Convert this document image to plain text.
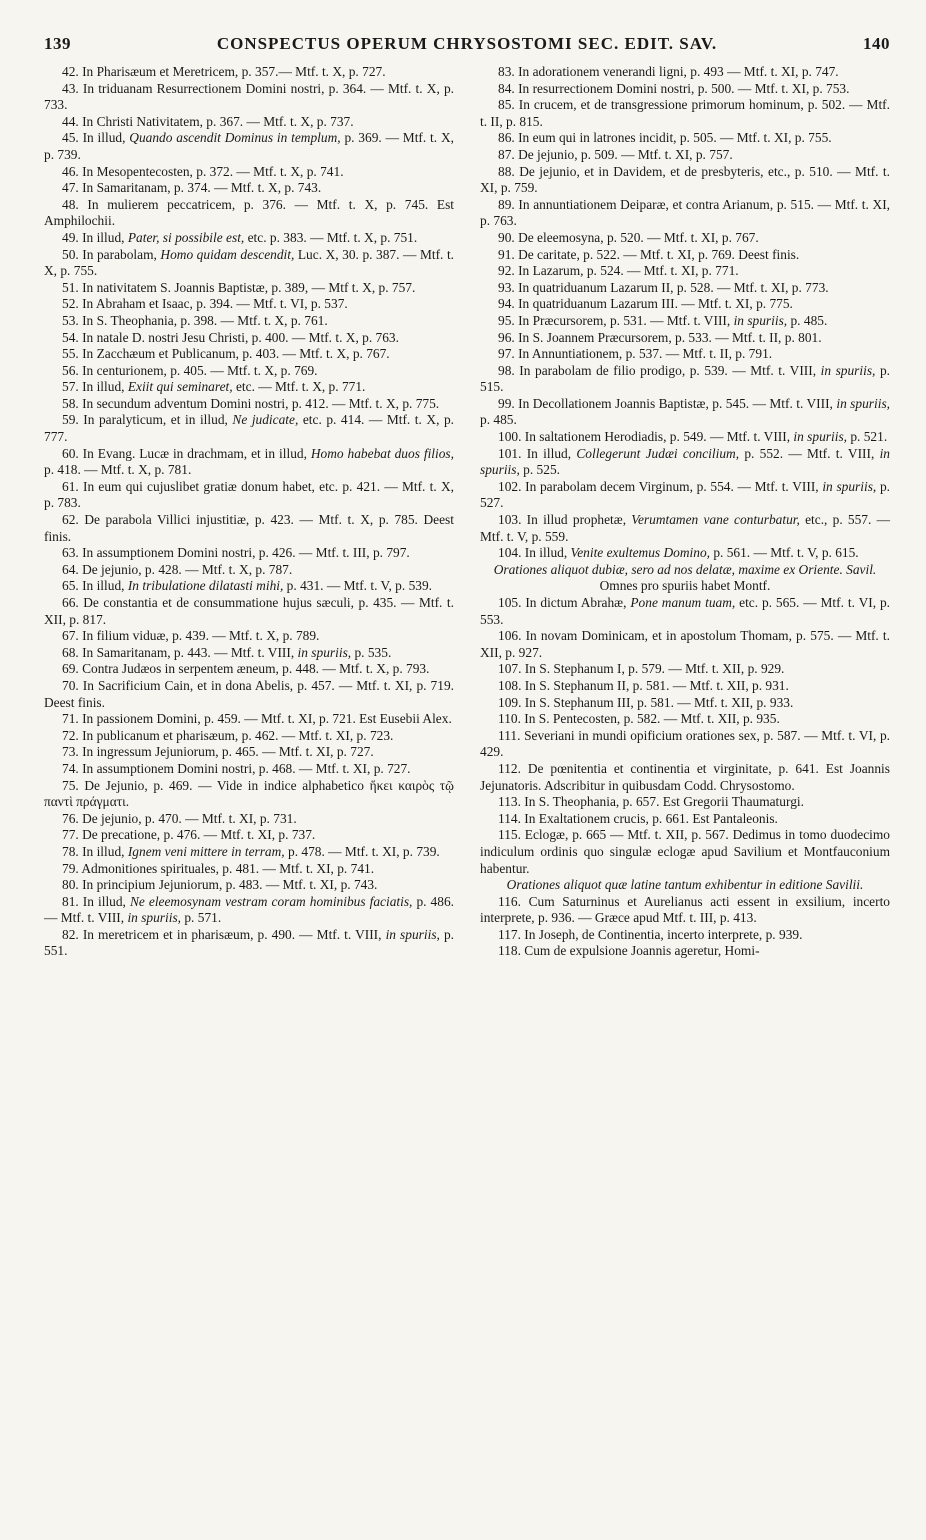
139	CONSPECTUS OPERUM CHRYSOSTOMI SEC. EDIT. SAV.	140

42. In Pharisæum et Meretricem, p. 357.— Mtf. t. X, p. 727.

43. In triduanam Resurrectionem Domini nostri, p. 364. — Mtf. t. X, p. 733.

44. In Christi Nativitatem, p. 367. — Mtf. t. X, p. 737.

45. In illud, Quando ascendit Dominus in templum, p. 369. — Mtf. t. X, p. 739.

46. In Mesopentecosten, p. 372. — Mtf. t. X, p. 741.

47. In Samaritanam, p. 374. — Mtf. t. X, p. 743.

48. In mulierem peccatricem, p. 376. — Mtf. t. X, p. 745. Est Amphilochii.

49. In illud, Pater, si possibile est, etc. p. 383. — Mtf. t. X, p. 751.

50. In parabolam, Homo quidam descendit, Luc. X, 30. p. 387. — Mtf. t. X, p. 755.

51. In nativitatem S. Joannis Baptistæ, p. 389, — Mtf t. X, p. 757.

52. In Abraham et Isaac, p. 394. — Mtf. t. VI, p. 537.

53. In S. Theophania, p. 398. — Mtf. t. X, p. 761.

54. In natale D. nostri Jesu Christi, p. 400. — Mtf. t. X, p. 763.

55. In Zacchæum et Publicanum, p. 403. — Mtf. t. X, p. 767.

56. In centurionem, p. 405. — Mtf. t. X, p. 769.

57. In illud, Exiit qui seminaret, etc. — Mtf. t. X, p. 771.

58. In secundum adventum Domini nostri, p. 412. — Mtf. t. X, p. 775.

59. In paralyticum, et in illud, Ne judicate, etc. p. 414. — Mtf. t. X, p. 777.

60. In Evang. Lucæ in drachmam, et in illud, Homo habebat duos filios, p. 418. — Mtf. t. X, p. 781.

61. In eum qui cujuslibet gratiæ donum habet, etc. p. 421. — Mtf. t. X, p. 783.

62. De parabola Villici injustitiæ, p. 423. — Mtf. t. X, p. 785. Deest finis.

63. In assumptionem Domini nostri, p. 426. — Mtf. t. III, p. 797.

64. De jejunio, p. 428. — Mtf. t. X, p. 787.

65. In illud, In tribulatione dilatasti mihi, p. 431. — Mtf. t. V, p. 539.

66. De constantia et de consummatione hujus sæculi, p. 435. — Mtf. t. XII, p. 817.

67. In filium viduæ, p. 439. — Mtf. t. X, p. 789.

68. In Samaritanam, p. 443. — Mtf. t. VIII, in spuriis, p. 535.

69. Contra Judæos in serpentem æneum, p. 448. — Mtf. t. X, p. 793.

70. In Sacrificium Cain, et in dona Abelis, p. 457. — Mtf. t. XI, p. 719. Deest finis.

71. In passionem Domini, p. 459. — Mtf. t. XI, p. 721. Est Eusebii Alex.

72. In publicanum et pharisæum, p. 462. — Mtf. t. XI, p. 723.

73. In ingressum Jejuniorum, p. 465. — Mtf. t. XI, p. 727.

74. In assumptionem Domini nostri, p. 468. — Mtf. t. XI, p. 727.

75. De Jejunio, p. 469. — Vide in indice alphabetico ἥκει καιρὸς τῷ παντὶ πράγματι.

76. De jejunio, p. 470. — Mtf. t. XI, p. 731.

77. De precatione, p. 476. — Mtf. t. XI, p. 737.

78. In illud, Ignem veni mittere in terram, p. 478. — Mtf. t. XI, p. 739.

79. Admonitiones spirituales, p. 481. — Mtf. t. XI, p. 741.

80. In principium Jejuniorum, p. 483. — Mtf. t. XI, p. 743.

81. In illud, Ne eleemosynam vestram coram hominibus faciatis, p. 486. — Mtf. t. VIII, in spuriis, p. 571.

82. In meretricem et in pharisæum, p. 490. — Mtf. t. VIII, in spuriis, p. 551.

83. In adorationem venerandi ligni, p. 493 — Mtf. t. XI, p. 747.

84. In resurrectionem Domini nostri, p. 500. — Mtf. t. XI, p. 753.

85. In crucem, et de transgressione primorum hominum, p. 502. — Mtf. t. II, p. 815.

86. In eum qui in latrones incidit, p. 505. — Mtf. t. XI, p. 755.

87. De jejunio, p. 509. — Mtf. t. XI, p. 757.

88. De jejunio, et in Davidem, et de presbyteris, etc., p. 510. — Mtf. t. XI, p. 759.

89. In annuntiationem Deiparæ, et contra Arianum, p. 515. — Mtf. t. XI, p. 763.

90. De eleemosyna, p. 520. — Mtf. t. XI, p. 767.

91. De caritate, p. 522. — Mtf. t. XI, p. 769. Deest finis.

92. In Lazarum, p. 524. — Mtf. t. XI, p. 771.

93. In quatriduanum Lazarum II, p. 528. — Mtf. t. XI, p. 773.

94. In quatriduanum Lazarum III. — Mtf. t. XI, p. 775.

95. In Præcursorem, p. 531. — Mtf. t. VIII, in spuriis, p. 485.

96. In S. Joannem Præcursorem, p. 533. — Mtf. t. II, p. 801.

97. In Annuntiationem, p. 537. — Mtf. t. II, p. 791.

98. In parabolam de filio prodigo, p. 539. — Mtf. t. VIII, in spuriis, p. 515.

99. In Decollationem Joannis Baptistæ, p. 545. — Mtf. t. VIII, in spuriis, p. 485.

100. In saltationem Herodiadis, p. 549. — Mtf. t. VIII, in spuriis, p. 521.

101. In illud, Collegerunt Judæi concilium, p. 552. — Mtf. t. VIII, in spuriis, p. 525.

102. In parabolam decem Virginum, p. 554. — Mtf. t. VIII, in spuriis, p. 527.

103. In illud prophetæ, Verumtamen vane conturbatur, etc., p. 557. — Mtf. t. V, p. 559.

104. In illud, Venite exultemus Domino, p. 561. — Mtf. t. V, p. 615.

Orationes aliquot dubiæ, sero ad nos delatæ, maxime ex Oriente. Savil.

Omnes pro spuriis habet Montf.

105. In dictum Abrahæ, Pone manum tuam, etc. p. 565. — Mtf. t. VI, p. 553.

106. In novam Dominicam, et in apostolum Thomam, p. 575. — Mtf. t. XII, p. 927.

107. In S. Stephanum I, p. 579. — Mtf. t. XII, p. 929.

108. In S. Stephanum II, p. 581. — Mtf. t. XII, p. 931.

109. In S. Stephanum III, p. 581. — Mtf. t. XII, p. 933.

110. In S. Pentecosten, p. 582. — Mtf. t. XII, p. 935.

111. Severiani in mundi opificium orationes sex, p. 587. — Mtf. t. VI, p. 429.

112. De pœnitentia et continentia et virginitate, p. 641. Est Joannis Jejunatoris. Adscribitur in quibusdam Codd. Chrysostomo.

113. In S. Theophania, p. 657. Est Gregorii Thaumaturgi.

114. In Exaltationem crucis, p. 661. Est Pantaleonis.

115. Eclogæ, p. 665 — Mtf. t. XII, p. 567. Dedimus in tomo duodecimo indiculum ordinis quo singulæ eclogæ apud Savilium et Montfauconium habentur.

Orationes aliquot quæ latine tantum exhibentur in editione Savilii.

116. Cum Saturninus et Aurelianus acti essent in exsilium, incerto interprete, p. 936. — Græce apud Mtf. t. III, p. 413.

117. In Joseph, de Continentia, incerto interprete, p. 939.

118. Cum de expulsione Joannis ageretur, Homi-
